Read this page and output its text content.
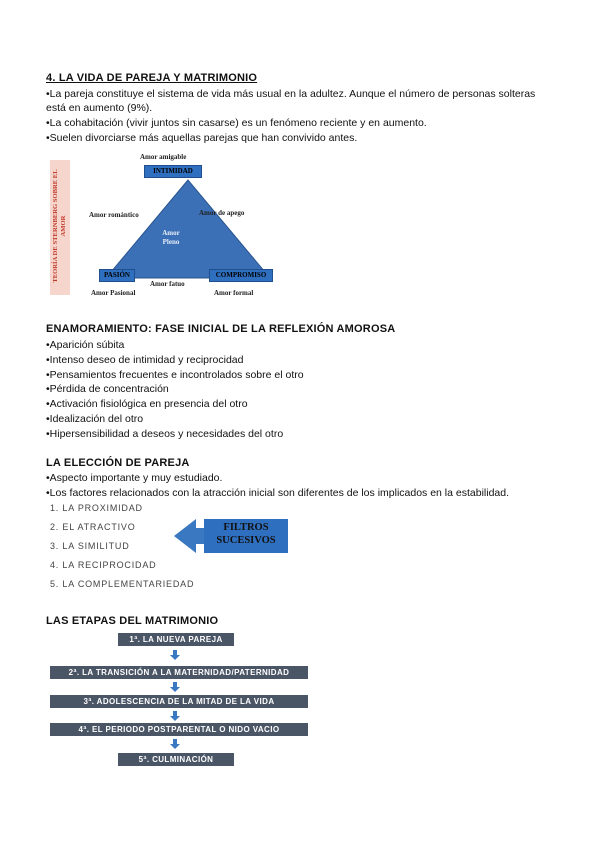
4. LA VIDA DE PAREJA Y MATRIMONIO
•La pareja constituye el sistema de vida más usual en la adultez. Aunque el número de personas solteras está en aumento (9%).
•La cohabitación (vivir juntos sin casarse) es un fenómeno reciente y en aumento.
•Suelen divorciarse más aquellas parejas que han convivido antes.
TEORÍA DE STERNBERG SOBRE EL AMOR
Amor amigable
INTIMIDAD
Amor romántico	Amor de apego
Amor Pleno
PASIÓN	COMPROMISO
Amor fatuo
Amor Pasional	Amor formal
ENAMORAMIENTO: FASE INICIAL DE LA REFLEXIÓN AMOROSA
•Aparición súbita
•Intenso deseo de intimidad y reciprocidad
•Pensamientos frecuentes e incontrolados sobre el otro
•Pérdida de concentración
•Activación fisiológica en presencia del otro
•Idealización del otro
•Hipersensibilidad a deseos y necesidades del otro
LA ELECCIÓN DE PAREJA
•Aspecto importante y muy estudiado.
•Los factores relacionados con la atracción inicial son diferentes de los implicados en la estabilidad.
1. LA PROXIMIDAD
2. EL ATRACTIVO
3. LA SIMILITUD
4. LA RECIPROCIDAD
5. LA COMPLEMENTARIEDAD
FILTROS SUCESIVOS
LAS ETAPAS DEL MATRIMONIO
1ª. LA NUEVA PAREJA
2ª. LA TRANSICIÓN A LA MATERNIDAD/PATERNIDAD
3ª. ADOLESCENCIA DE LA MITAD DE LA VIDA
4ª. EL PERIODO POSTPARENTAL O NIDO VACIO
5ª. CULMINACIÓN
